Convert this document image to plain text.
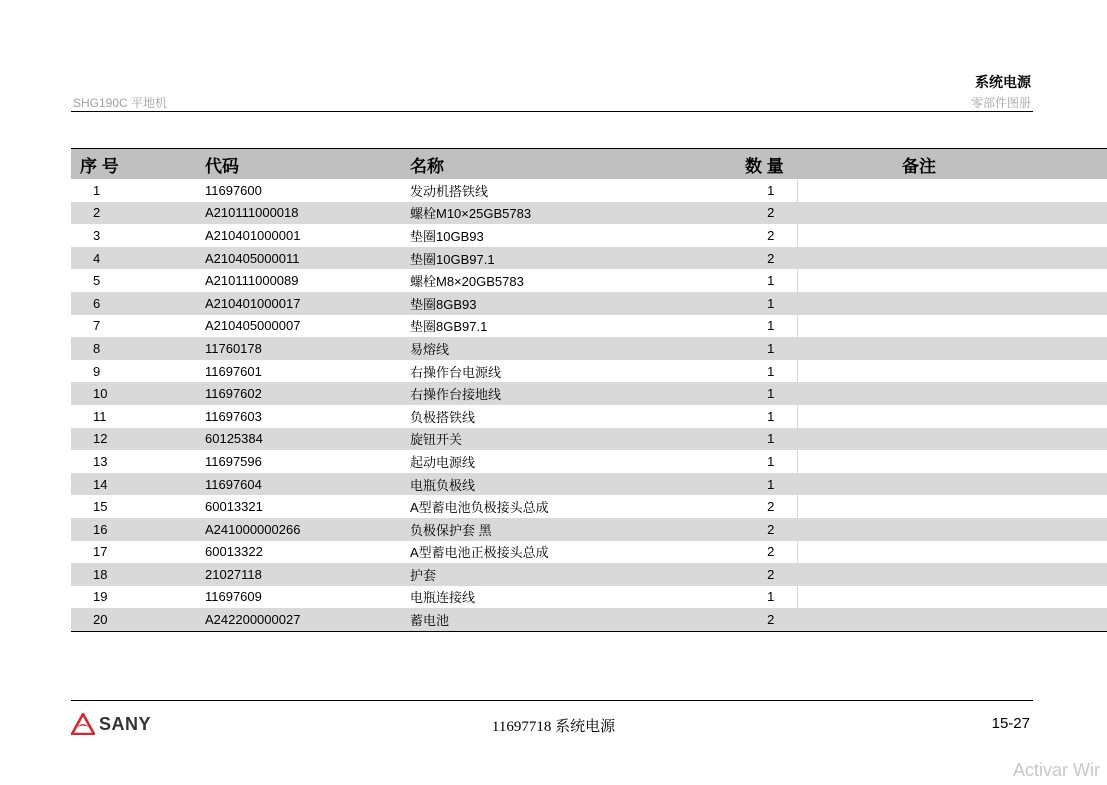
SHG190C 平地机
系统电源
零部件图册
序 号	代码	名称	数 量	备注
1	11697600	发动机搭铁线	1	
2	A210111000018	螺栓M10×25GB5783	2	
3	A210401000001	垫圈10GB93	2	
4	A210405000011	垫圈10GB97.1	2	
5	A210111000089	螺栓M8×20GB5783	1	
6	A210401000017	垫圈8GB93	1	
7	A210405000007	垫圈8GB97.1	1	
8	11760178	易熔线	1	
9	11697601	右操作台电源线	1	
10	11697602	右操作台接地线	1	
11	11697603	负极搭铁线	1	
12	60125384	旋钮开关	1	
13	11697596	起动电源线	1	
14	11697604	电瓶负极线	1	
15	60013321	A型蓄电池负极接头总成	2	
16	A241000000266	负极保护套 黑	2	
17	60013322	A型蓄电池正极接头总成	2	
18	21027118	护套	2	
19	11697609	电瓶连接线	1	
20	A242200000027	蓄电池	2	
SANY	11697718 系统电源	15-27
Activar Wir
